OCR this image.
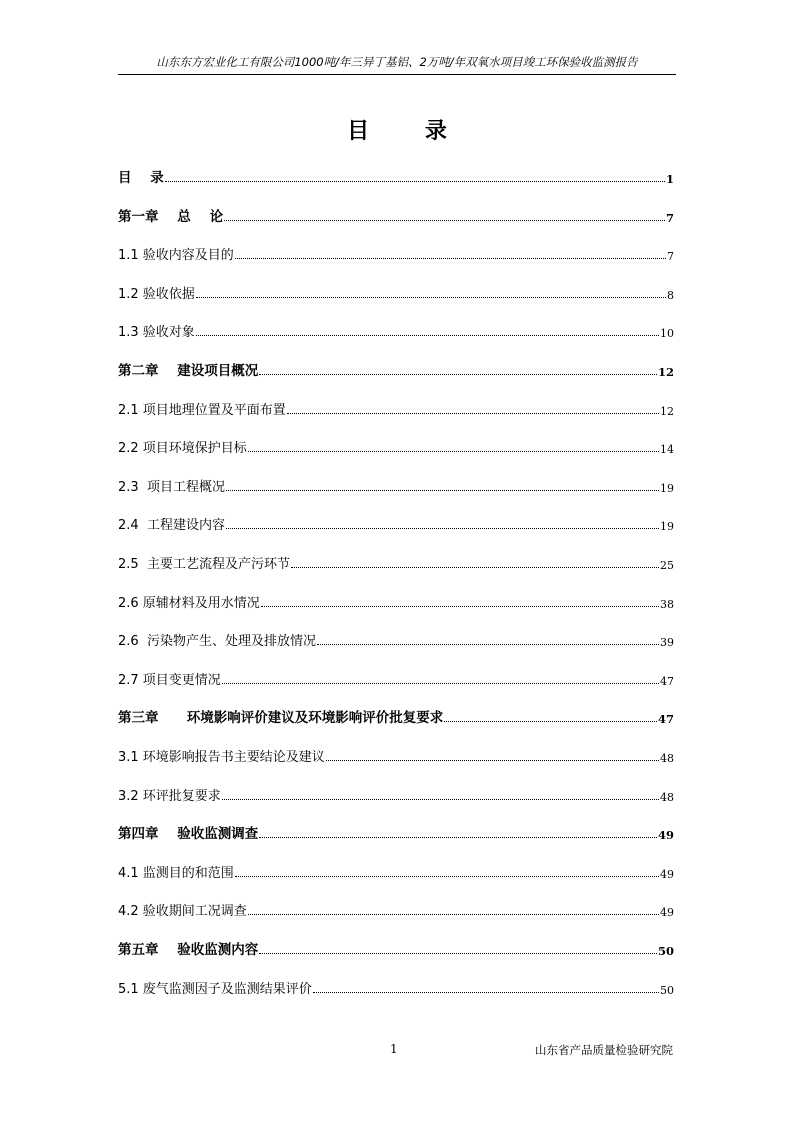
山东东方宏业化工有限公司1000吨/年三异丁基铝、2万吨/年双氧水项目竣工环保验收监测报告
目 录
目    录	1
第一章    总    论	7
1.1 验收内容及目的	7
1.2 验收依据	8
1.3 验收对象	10
第二章    建设项目概况	12
2.1 项目地理位置及平面布置	12
2.2 项目环境保护目标	14
2.3  项目工程概况	19
2.4  工程建设内容	19
2.5  主要工艺流程及产污环节	25
2.6 原辅材料及用水情况	38
2.6  污染物产生、处理及排放情况	39
2.7 项目变更情况	47
第三章      环境影响评价建议及环境影响评价批复要求	47
3.1 环境影响报告书主要结论及建议	48
3.2 环评批复要求	48
第四章    验收监测调查	49
4.1 监测目的和范围	49
4.2 验收期间工况调查	49
第五章    验收监测内容	50
5.1 废气监测因子及监测结果评价	50
1	山东省产品质量检验研究院
